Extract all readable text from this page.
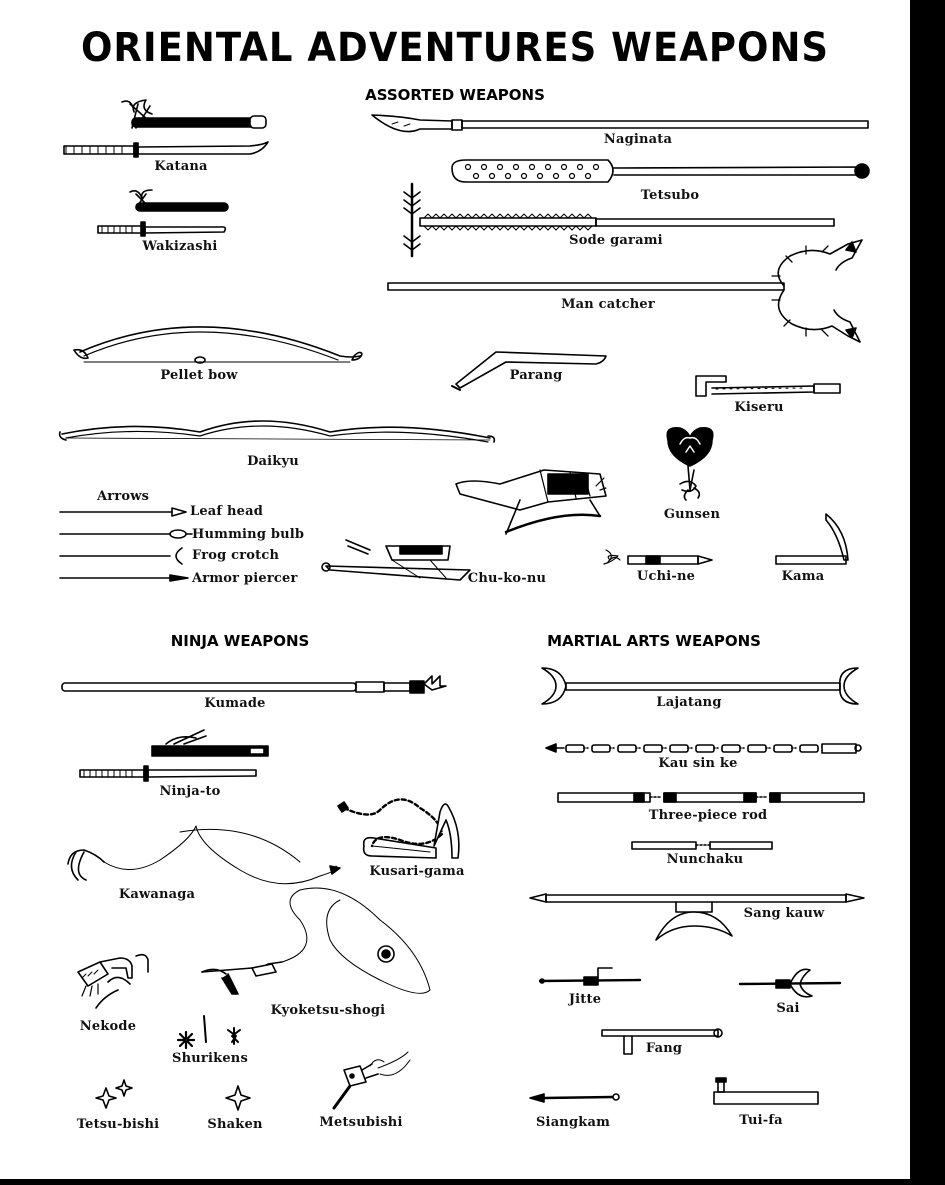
ORIENTAL ADVENTURES WEAPONS
ASSORTED WEAPONS
NINJA WEAPONS	MARTIAL ARTS WEAPONS
Katana
Wakizashi
Naginata
Tetsubo
Sode garami
Man catcher
Pellet bow	Parang
Kiseru
Daikyu
Gunsen
Chu-ko-nu	Uchi-ne	Kama
Arrows
Leaf head
Humming bulb
Frog crotch
Armor piercer
Kumade
Ninja-to
Kusari-gama
Kawanaga
Kyoketsu-shogi
Nekode
Shurikens
Tetsu-bishi	Shaken	Metsubishi
Lajatang
Kau sin ke
Three-piece rod
Nunchaku
Sang kauw
Jitte
Sai
Fang
Siangkam	Tui-fa
